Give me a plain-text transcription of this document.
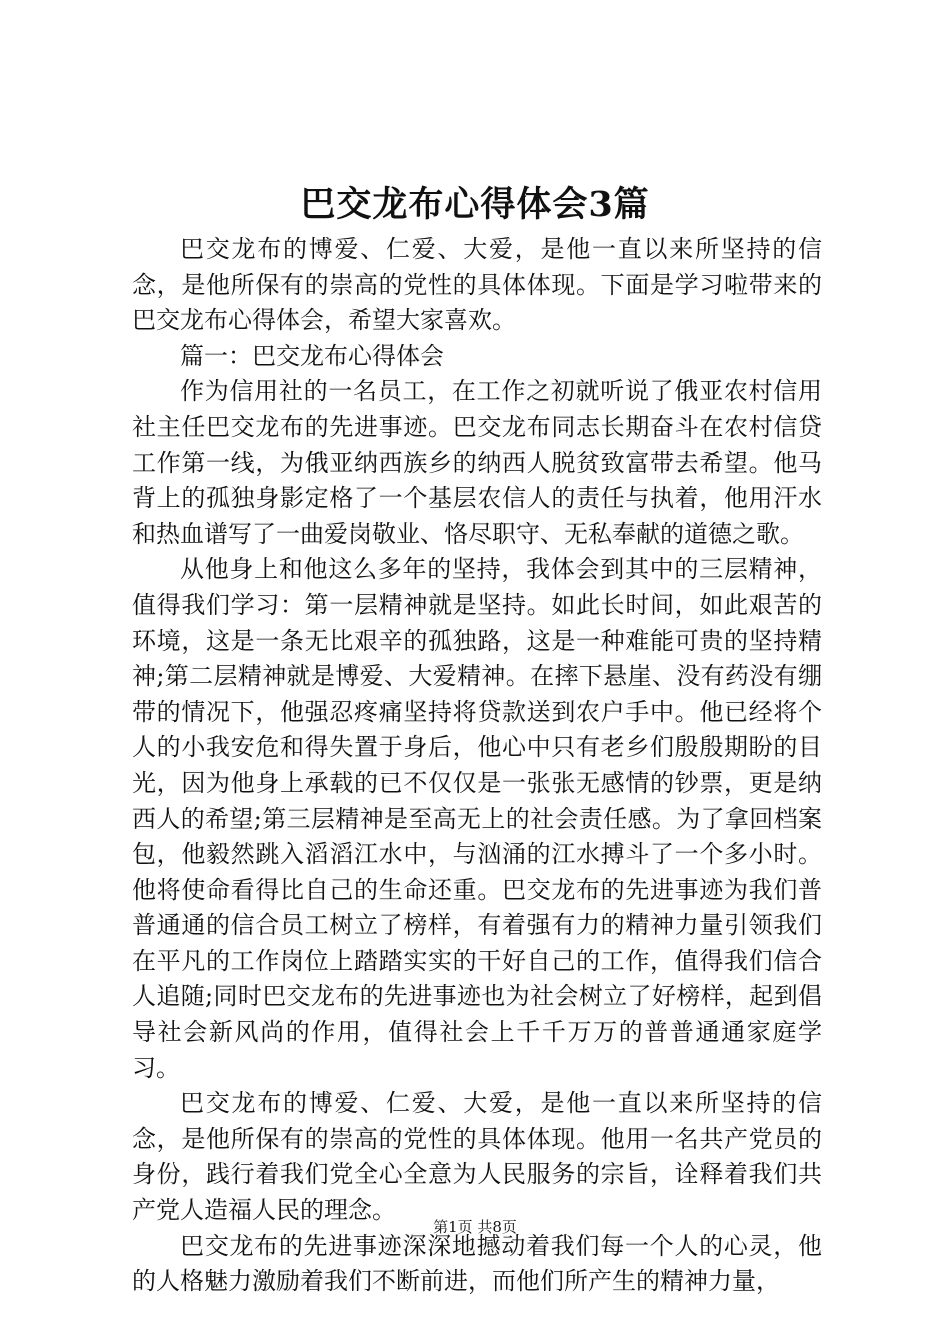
巴交龙布心得体会3篇

巴交龙布的博爱、仁爱、大爱，是他一直以来所坚持的信念，是他所保有的崇高的党性的具体体现。下面是学习啦带来的巴交龙布心得体会，希望大家喜欢。

篇一：巴交龙布心得体会

作为信用社的一名员工，在工作之初就听说了俄亚农村信用社主任巴交龙布的先进事迹。巴交龙布同志长期奋斗在农村信贷工作第一线，为俄亚纳西族乡的纳西人脱贫致富带去希望。他马背上的孤独身影定格了一个基层农信人的责任与执着，他用汗水和热血谱写了一曲爱岗敬业、恪尽职守、无私奉献的道德之歌。

从他身上和他这么多年的坚持，我体会到其中的三层精神，值得我们学习：第一层精神就是坚持。如此长时间，如此艰苦的环境，这是一条无比艰辛的孤独路，这是一种难能可贵的坚持精神;第二层精神就是博爱、大爱精神。在摔下悬崖、没有药没有绷带的情况下，他强忍疼痛坚持将贷款送到农户手中。他已经将个人的小我安危和得失置于身后，他心中只有老乡们殷殷期盼的目光，因为他身上承载的已不仅仅是一张张无感情的钞票，更是纳西人的希望;第三层精神是至高无上的社会责任感。为了拿回档案包，他毅然跳入滔滔江水中，与汹涌的江水搏斗了一个多小时。他将使命看得比自己的生命还重。巴交龙布的先进事迹为我们普普通通的信合员工树立了榜样，有着强有力的精神力量引领我们在平凡的工作岗位上踏踏实实的干好自己的工作，值得我们信合人追随;同时巴交龙布的先进事迹也为社会树立了好榜样，起到倡导社会新风尚的作用，值得社会上千千万万的普普通通家庭学习。

巴交龙布的博爱、仁爱、大爱，是他一直以来所坚持的信念，是他所保有的崇高的党性的具体体现。他用一名共产党员的身份，践行着我们党全心全意为人民服务的宗旨，诠释着我们共产党人造福人民的理念。

巴交龙布的先进事迹深深地撼动着我们每一个人的心灵，他的人格魅力激励着我们不断前进，而他们所产生的精神力量，

第1页 共8页
